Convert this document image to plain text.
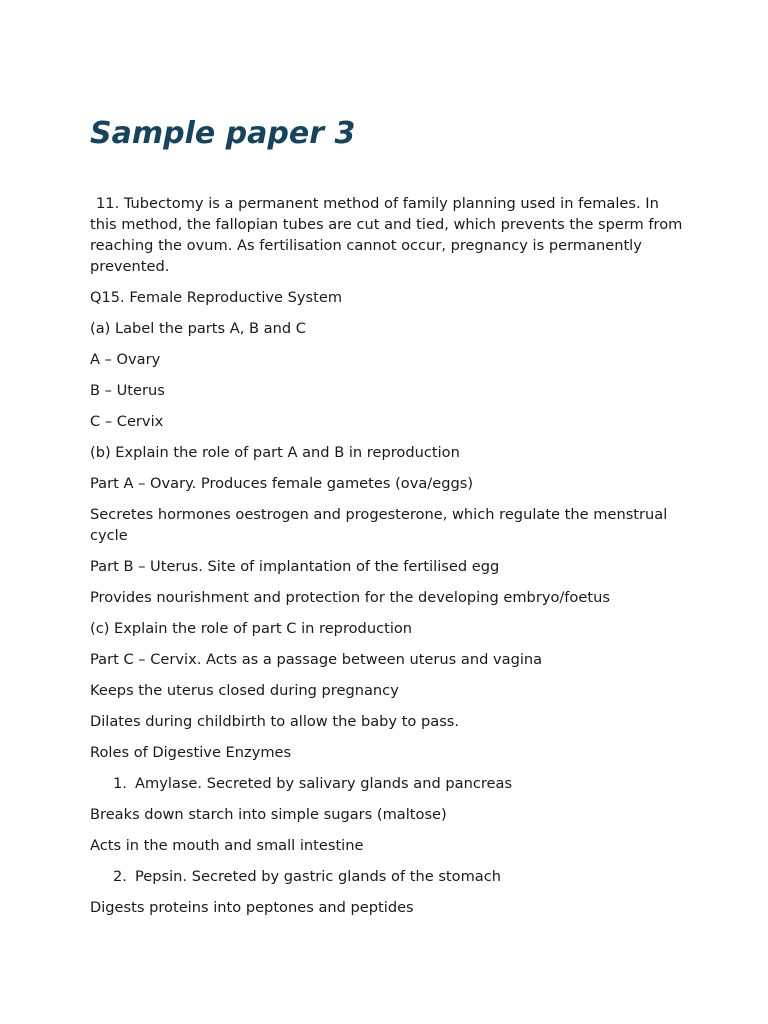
Sample paper 3

11. Tubectomy is a permanent method of family planning used in females. In this method, the fallopian tubes are cut and tied, which prevents the sperm from reaching the ovum. As fertilisation cannot occur, pregnancy is permanently prevented.

Q15. Female Reproductive System

(a) Label the parts A, B and C

A – Ovary

B – Uterus

C – Cervix

(b) Explain the role of part A and B in reproduction

Part A – Ovary. Produces female gametes (ova/eggs)

Secretes hormones oestrogen and progesterone, which regulate the menstrual cycle

Part B – Uterus. Site of implantation of the fertilised egg

Provides nourishment and protection for the developing embryo/foetus

(c) Explain the role of part C in reproduction

Part C – Cervix. Acts as a passage between uterus and vagina

Keeps the uterus closed during pregnancy

Dilates during childbirth to allow the baby to pass.

Roles of Digestive Enzymes

1. Amylase. Secreted by salivary glands and pancreas

Breaks down starch into simple sugars (maltose)

Acts in the mouth and small intestine

2. Pepsin. Secreted by gastric glands of the stomach

Digests proteins into peptones and peptides
